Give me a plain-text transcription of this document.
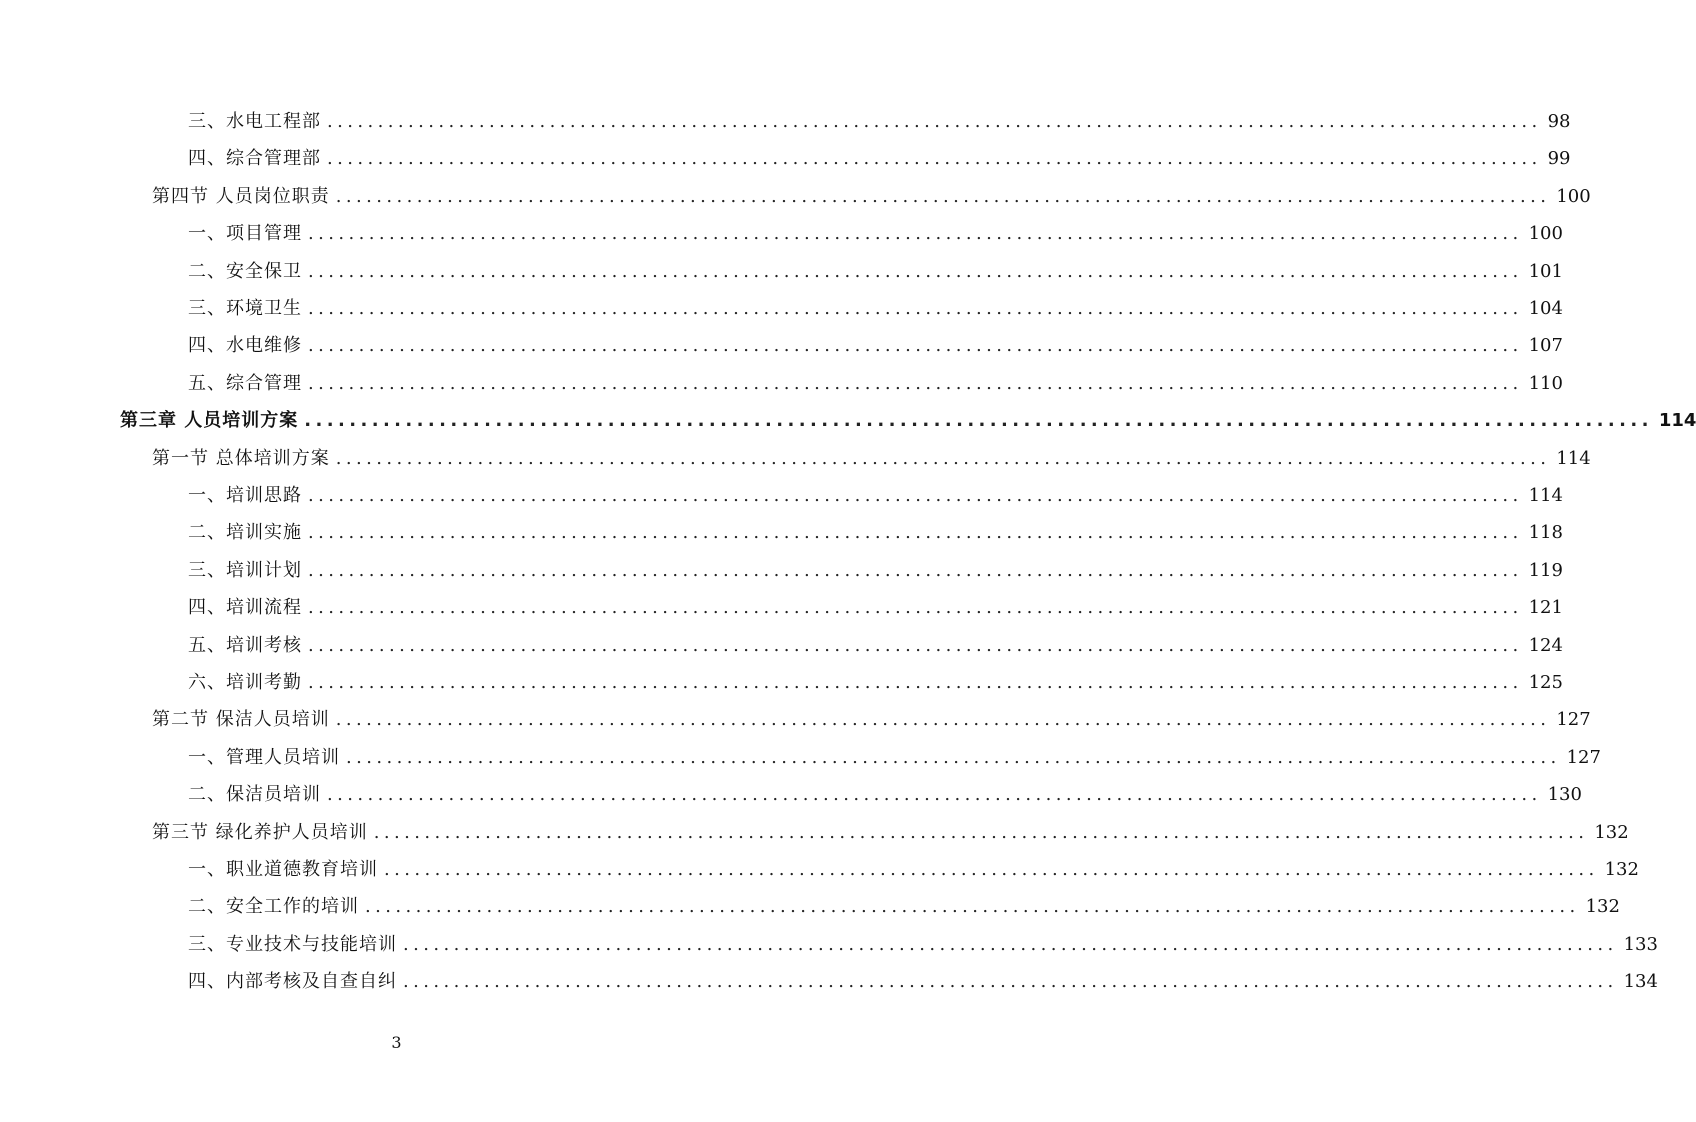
三、水电工程部 ........................................................................................................................ 98
四、综合管理部 ........................................................................................................................ 99
第四节 人员岗位职责 ........................................................................................................................ 100
一、项目管理 ........................................................................................................................ 100
二、安全保卫 ........................................................................................................................ 101
三、环境卫生 ........................................................................................................................ 104
四、水电维修 ........................................................................................................................ 107
五、综合管理 ........................................................................................................................ 110
第三章 人员培训方案 ........................................................................................................................ 114
第一节 总体培训方案 ........................................................................................................................ 114
一、培训思路 ........................................................................................................................ 114
二、培训实施 ........................................................................................................................ 118
三、培训计划 ........................................................................................................................ 119
四、培训流程 ........................................................................................................................ 121
五、培训考核 ........................................................................................................................ 124
六、培训考勤 ........................................................................................................................ 125
第二节 保洁人员培训 ........................................................................................................................ 127
一、管理人员培训 ........................................................................................................................ 127
二、保洁员培训 ........................................................................................................................ 130
第三节 绿化养护人员培训 ........................................................................................................................ 132
一、职业道德教育培训 ........................................................................................................................ 132
二、安全工作的培训 ........................................................................................................................ 132
三、专业技术与技能培训 ........................................................................................................................ 133
四、内部考核及自查自纠 ........................................................................................................................ 134
3
